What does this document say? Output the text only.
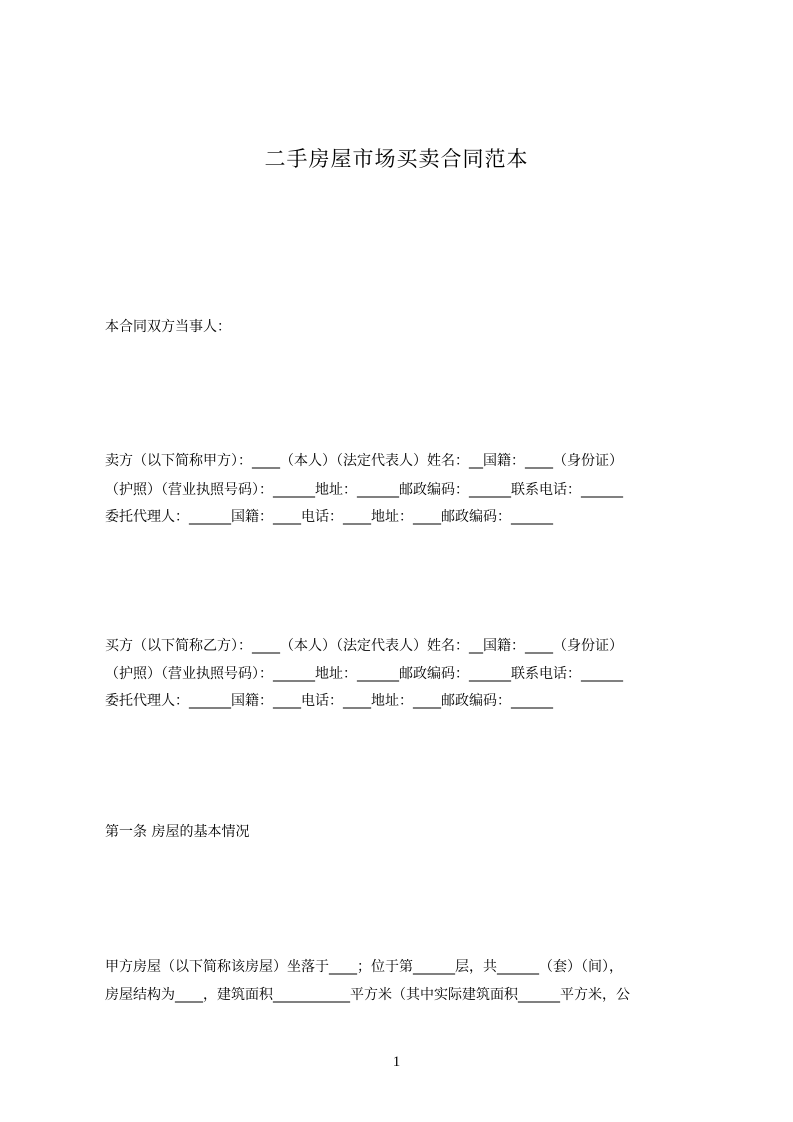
二手房屋市场买卖合同范本
本合同双方当事人：
卖方（以下简称甲方）：____（本人）（法定代表人）姓名：__国籍：____（身份证）
（护照）（营业执照号码）：______地址：______邮政编码：______联系电话：______
委托代理人：______国籍：____电话：____地址：____邮政编码：______
买方（以下简称乙方）：____（本人）（法定代表人）姓名：__国籍：____（身份证）
（护照）（营业执照号码）：______地址：______邮政编码：______联系电话：______
委托代理人：______国籍：____电话：____地址：____邮政编码：______
第一条 房屋的基本情况
甲方房屋（以下简称该房屋）坐落于____；位于第______层，共______（套）（间），
房屋结构为____，建筑面积___________平方米（其中实际建筑面积______平方米，公
1
